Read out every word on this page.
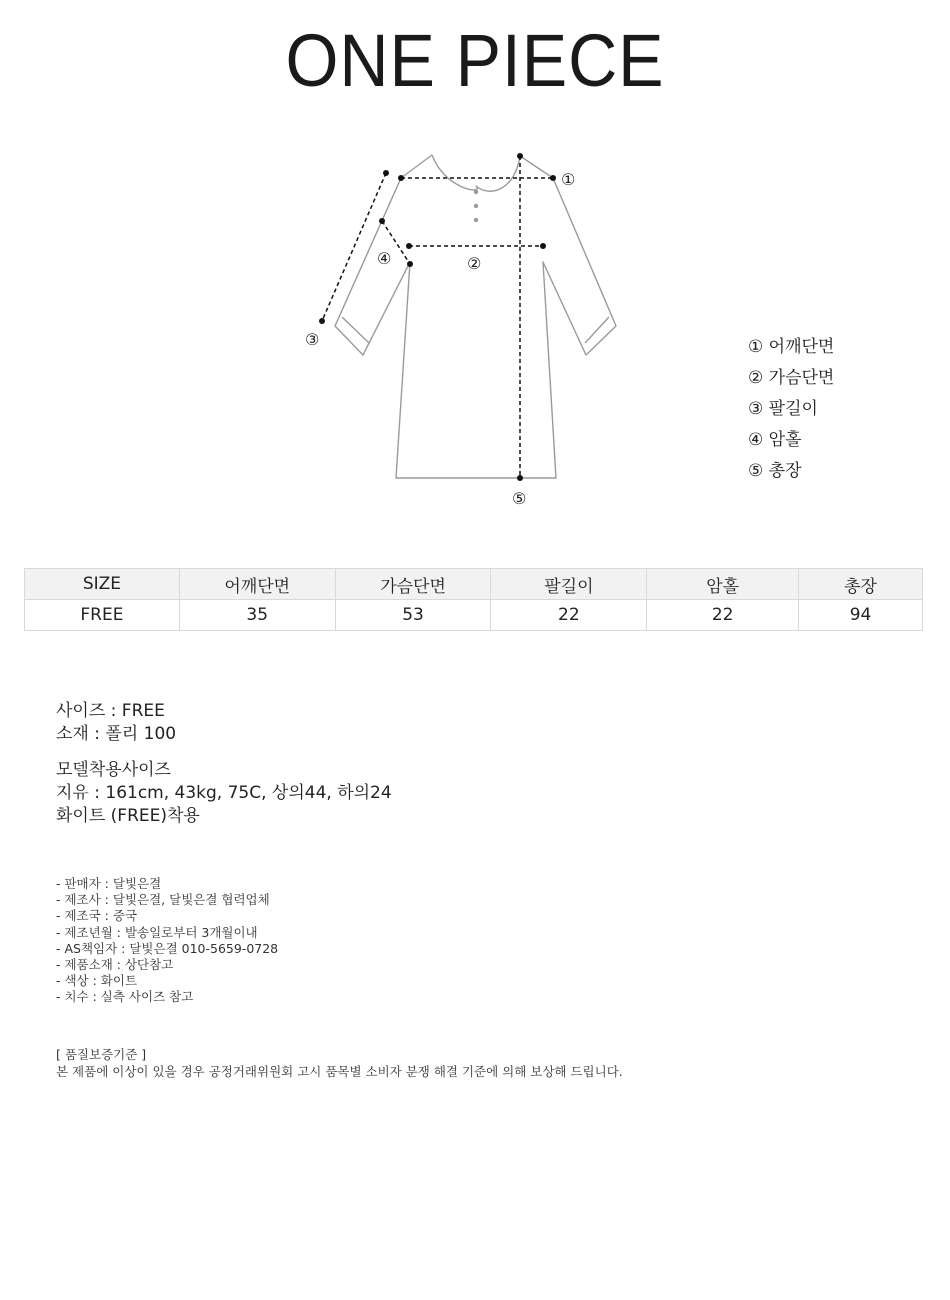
ONE PIECE
①
②
③
④
⑤
① 어깨단면
② 가슴단면
③ 팔길이
④ 암홀
⑤ 총장
SIZE	어깨단면	가슴단면	팔길이	암홀	총장
FREE	35	53	22	22	94
사이즈 : FREE
소재 : 폴리 100
모델착용사이즈
지유 : 161cm, 43kg, 75C, 상의44, 하의24
화이트 (FREE)착용
- 판매자 : 달빛은결
- 제조사 : 달빛은결, 달빛은결 협력업체
- 제조국 : 중국
- 제조년월 : 발송일로부터 3개월이내
- AS책임자 : 달빛은결 010-5659-0728
- 제품소재 : 상단참고
- 색상 : 화이트
- 치수 : 실측 사이즈 참고
[ 품질보증기준 ]
본 제품에 이상이 있을 경우 공정거래위원회 고시 품목별 소비자 분쟁 해결 기준에 의해 보상해 드립니다.
